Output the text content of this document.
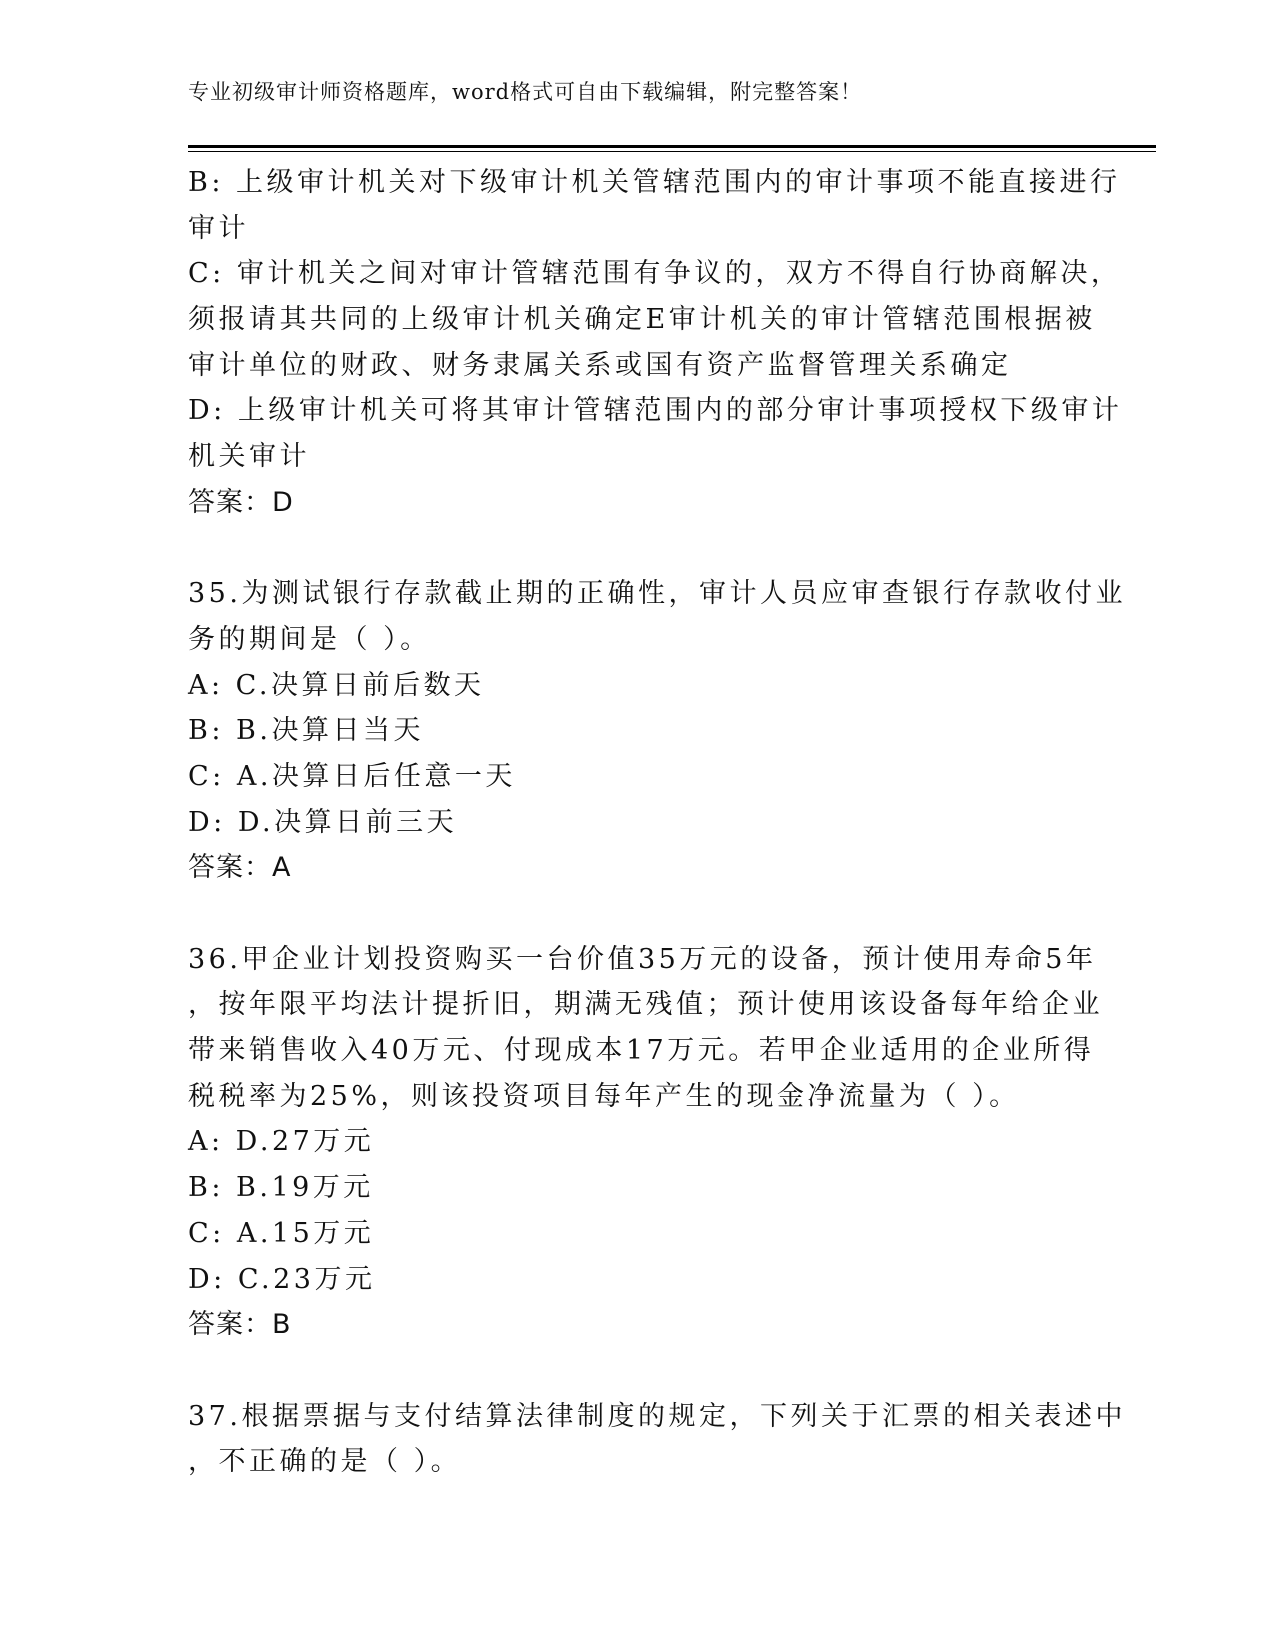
专业初级审计师资格题库，word格式可自由下载编辑，附完整答案！
B: 上级审计机关对下级审计机关管辖范围内的审计事项不能直接进行
审计
C: 审计机关之间对审计管辖范围有争议的，双方不得自行协商解决，
须报请其共同的上级审计机关确定E审计机关的审计管辖范围根据被
审计单位的财政、财务隶属关系或国有资产监督管理关系确定
D: 上级审计机关可将其审计管辖范围内的部分审计事项授权下级审计
机关审计
答案：D
35.为测试银行存款截止期的正确性，审计人员应审查银行存款收付业
务的期间是（ ）。
A: C.决算日前后数天
B: B.决算日当天
C: A.决算日后任意一天
D: D.决算日前三天
答案：A
36.甲企业计划投资购买一台价值35万元的设备，预计使用寿命5年
，按年限平均法计提折旧，期满无残值；预计使用该设备每年给企业
带来销售收入40万元、付现成本17万元。若甲企业适用的企业所得
税税率为25%，则该投资项目每年产生的现金净流量为（ ）。
A: D.27万元
B: B.19万元
C: A.15万元
D: C.23万元
答案：B
37.根据票据与支付结算法律制度的规定，下列关于汇票的相关表述中
，不正确的是（ ）。
